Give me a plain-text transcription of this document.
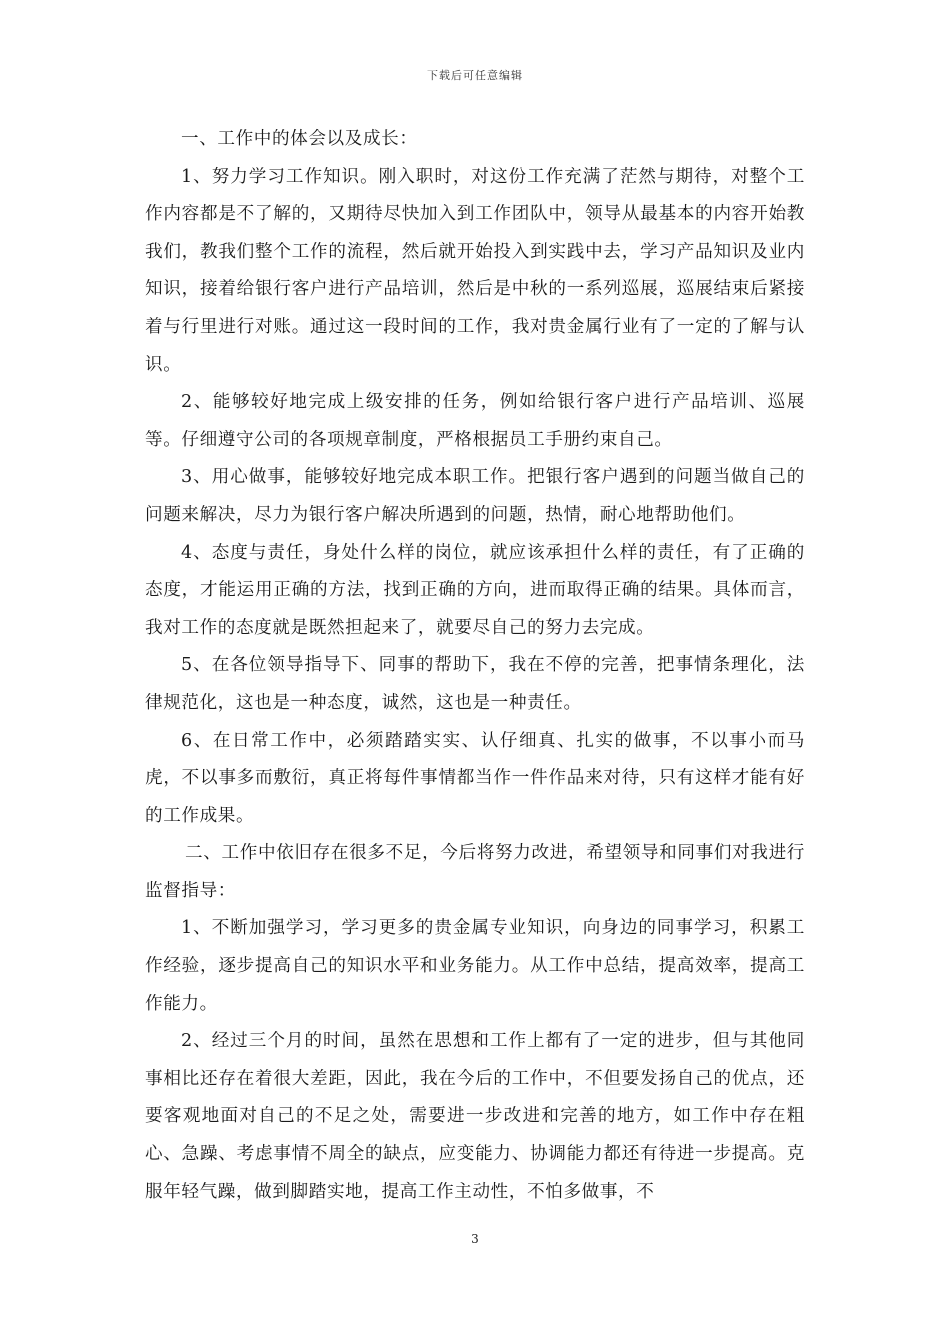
下载后可任意编辑

一、工作中的体会以及成长：

1、努力学习工作知识。刚入职时，对这份工作充满了茫然与期待，对整个工作内容都是不了解的，又期待尽快加入到工作团队中，领导从最基本的内容开始教我们，教我们整个工作的流程，然后就开始投入到实践中去，学习产品知识及业内知识，接着给银行客户进行产品培训，然后是中秋的一系列巡展，巡展结束后紧接着与行里进行对账。通过这一段时间的工作，我对贵金属行业有了一定的了解与认识。

2、能够较好地完成上级安排的任务，例如给银行客户进行产品培训、巡展等。仔细遵守公司的各项规章制度，严格根据员工手册约束自己。

3、用心做事，能够较好地完成本职工作。把银行客户遇到的问题当做自己的问题来解决，尽力为银行客户解决所遇到的问题，热情，耐心地帮助他们。

4、态度与责任，身处什么样的岗位，就应该承担什么样的责任，有了正确的态度，才能运用正确的方法，找到正确的方向，进而取得正确的结果。具体而言，我对工作的态度就是既然担起来了，就要尽自己的努力去完成。

5、在各位领导指导下、同事的帮助下，我在不停的完善，把事情条理化，法律规范化，这也是一种态度，诚然，这也是一种责任。

6、在日常工作中，必须踏踏实实、认仔细真、扎实的做事，不以事小而马虎，不以事多而敷衍，真正将每件事情都当作一件作品来对待，只有这样才能有好的工作成果。

二、工作中依旧存在很多不足，今后将努力改进，希望领导和同事们对我进行监督指导：

1、不断加强学习，学习更多的贵金属专业知识，向身边的同事学习，积累工作经验，逐步提高自己的知识水平和业务能力。从工作中总结，提高效率，提高工作能力。

2、经过三个月的时间，虽然在思想和工作上都有了一定的进步，但与其他同事相比还存在着很大差距，因此，我在今后的工作中，不但要发扬自己的优点，还要客观地面对自己的不足之处，需要进一步改进和完善的地方，如工作中存在粗心、急躁、考虑事情不周全的缺点，应变能力、协调能力都还有待进一步提高。克服年轻气躁，做到脚踏实地，提高工作主动性，不怕多做事，不

3
